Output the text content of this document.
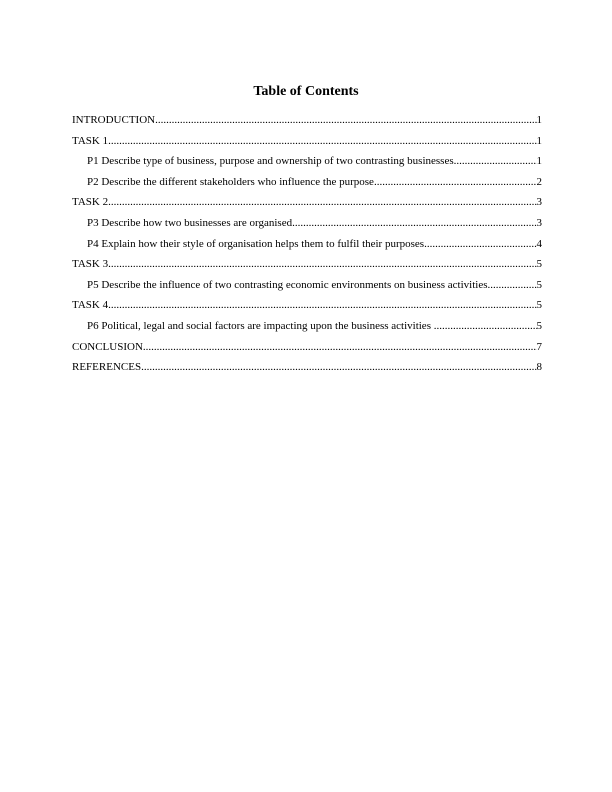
Table of Contents
INTRODUCTION .....	1
TASK 1 .....	1
P1 Describe type of business, purpose and ownership of two contrasting businesses .....	1
P2 Describe the different stakeholders who influence the purpose .....	2
TASK 2 .....	3
P3 Describe how two businesses are organised .....	3
P4 Explain how their style of organisation helps them to fulfil their purposes .....	4
TASK 3 .....	5
P5 Describe the influence of two contrasting economic environments on business activities .....	5
TASK 4 .....	5
P6 Political, legal and social factors are impacting upon the business activities .....	5
CONCLUSION .....	7
REFERENCES .....	8
